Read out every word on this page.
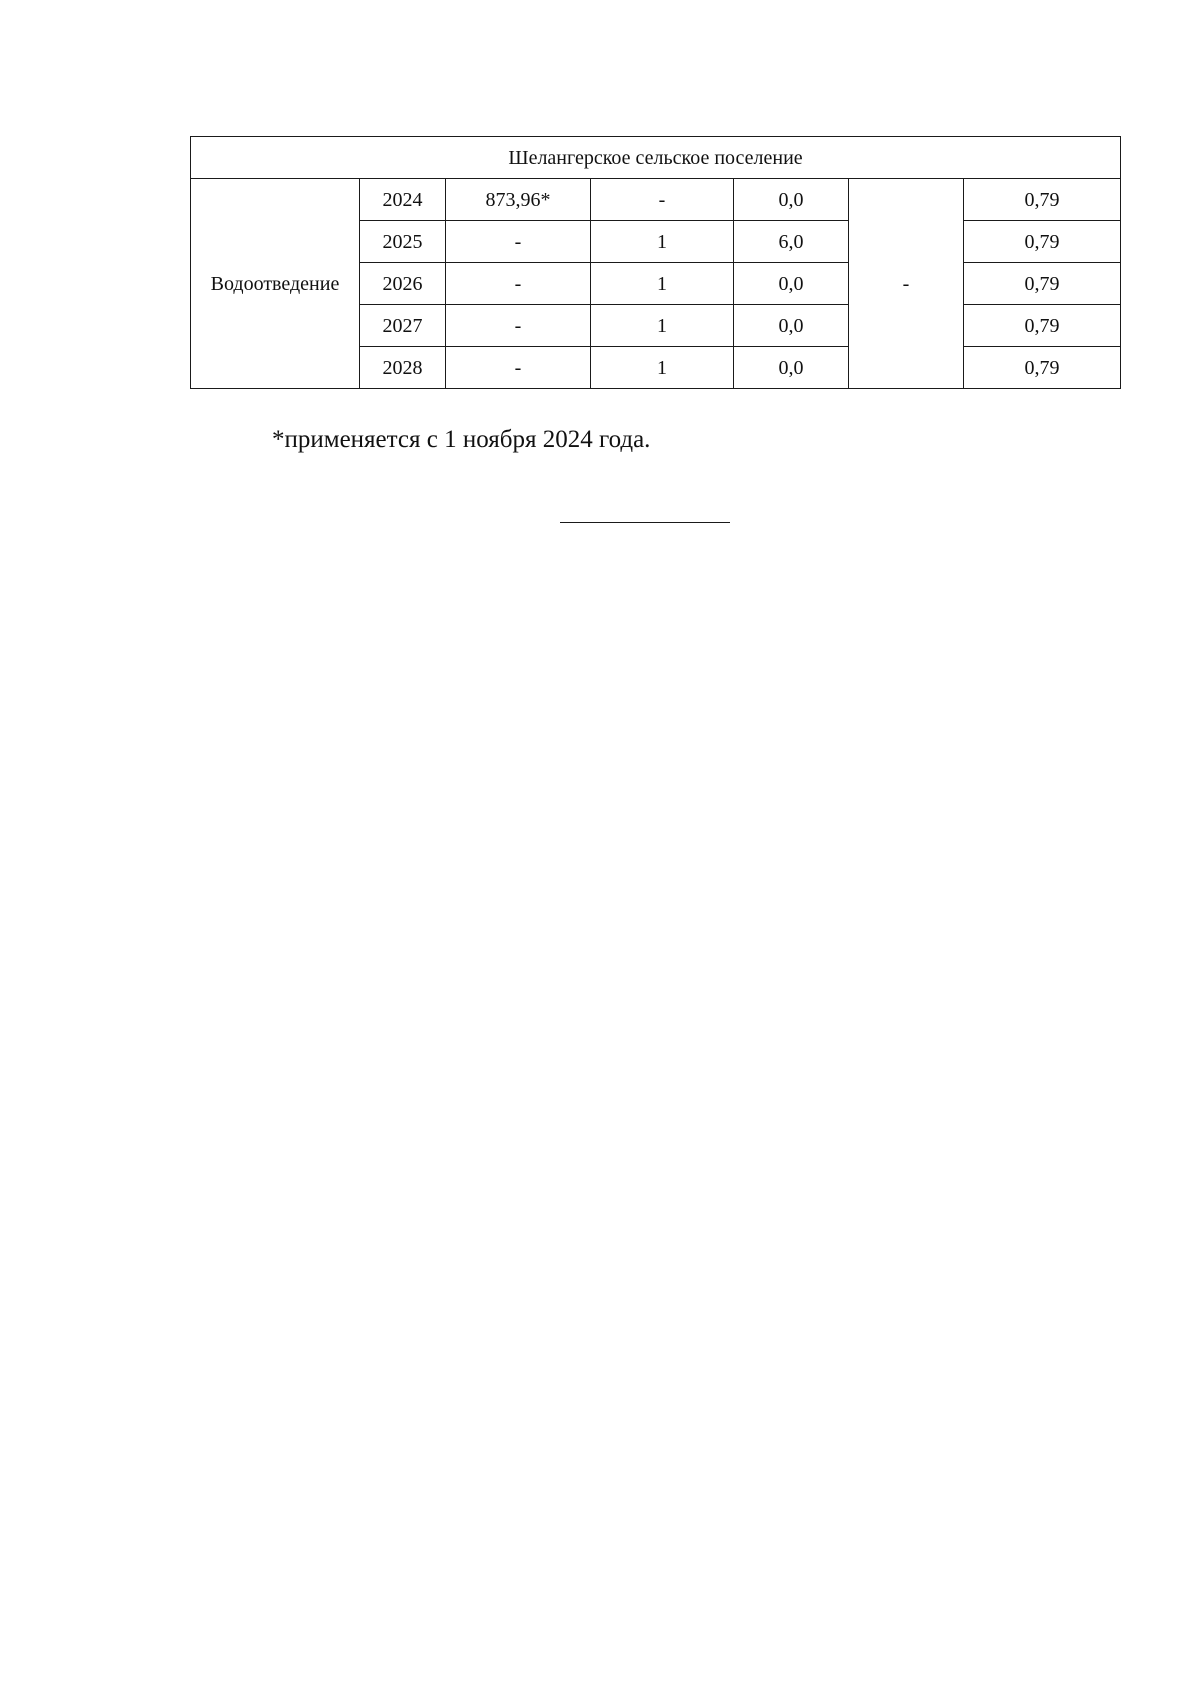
Шелангерское сельское поселение						
Водоотведение	2024	873,96*	-	0,0	-	0,79
	2025	-	1	6,0		0,79
	2026	-	1	0,0		0,79
	2027	-	1	0,0		0,79
	2028	-	1	0,0		0,79
*применяется с 1 ноября 2024 года.
